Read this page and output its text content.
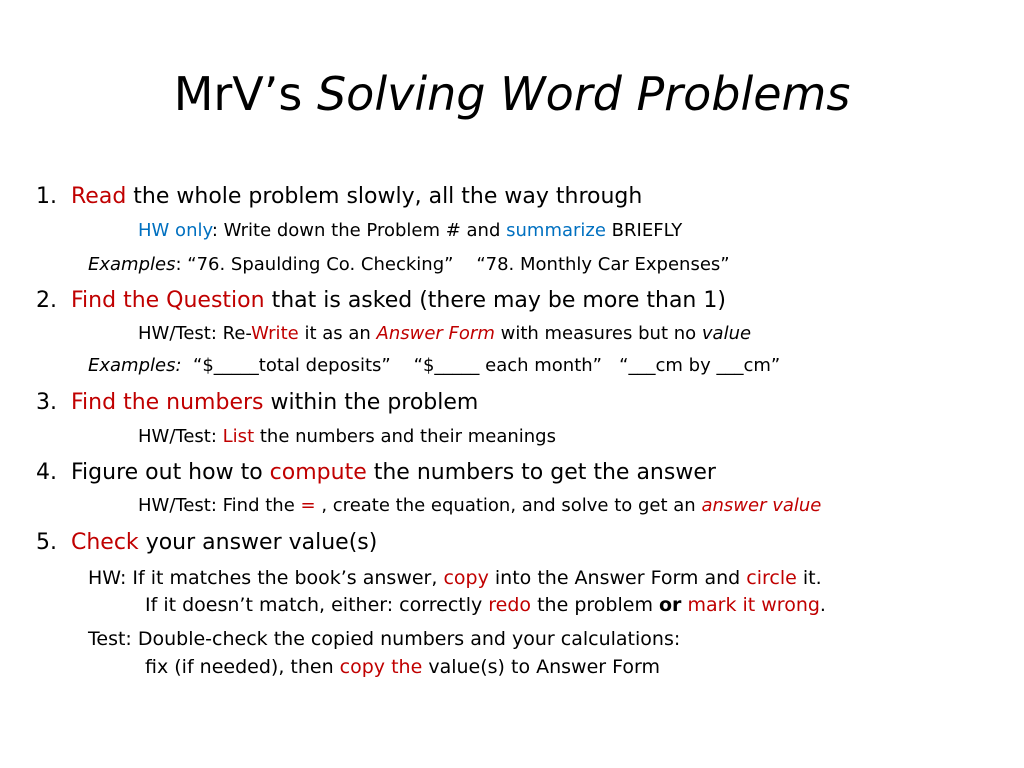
MrV’s Solving Word Problems
1. Read the whole problem slowly, all the way through
HW only: Write down the Problem # and summarize BRIEFLY
Examples: “76. Spaulding Co. Checking”    “78. Monthly Car Expenses”
2. Find the Question that is asked (there may be more than 1)
HW/Test: Re-Write it as an Answer Form with measures but no value
Examples: “$_____total deposits”    “$_____ each month”   “___cm by ___cm”
3. Find the numbers within the problem
HW/Test: List the numbers and their meanings
4. Figure out how to compute the numbers to get the answer
HW/Test: Find the = , create the equation, and solve to get an answer value
5. Check your answer value(s)
HW: If it matches the book’s answer, copy into the Answer Form and circle it.
If it doesn’t match, either: correctly redo the problem or mark it wrong.
Test: Double-check the copied numbers and your calculations:
fix (if needed), then copy the value(s) to Answer Form
